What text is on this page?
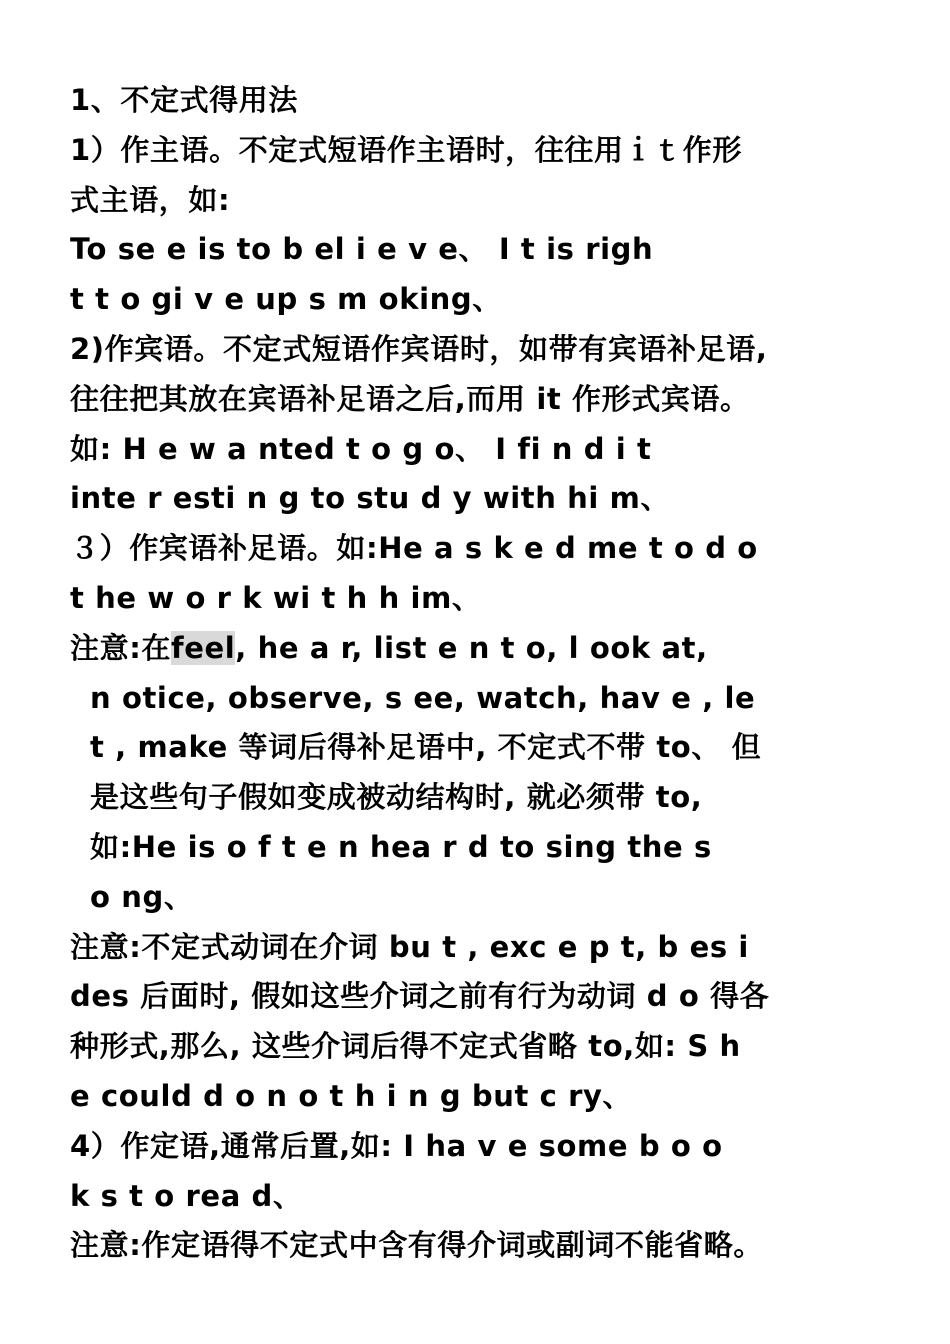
1、不定式得用法
1）作主语。不定式短语作主语时，往往用ｉｔ作形
式主语，如:
To se e is to b el i e v e、 I t is righ
t t o gi v e up s m oking、
2)作宾语。不定式短语作宾语时，如带有宾语补足语,
往往把其放在宾语补足语之后,而用 it 作形式宾语。
如: H e w a nted t o g o、 I fi n d i t
inte r esti n g to stu d y with hi m、
３）作宾语补足语。如:He a s k e d me t o d o
t he w o r k wi t h h im、
注意:在feel, he a r, list e n t o, l ook at,
n otice, observe, s ee, watch, hav e , le
t , make 等词后得补足语中, 不定式不带 to、 但
是这些句子假如变成被动结构时, 就必须带 to,
如:He is o f t e n hea r d to sing the s
o ng、
注意:不定式动词在介词 bu t , exc e p t, b es i
des 后面时, 假如这些介词之前有行为动词 d o 得各
种形式,那么, 这些介词后得不定式省略 to,如: S h
e could d o n o t h i n g but c ry、
4）作定语,通常后置,如: I ha v e some b o o
k s t o rea d、
注意:作定语得不定式中含有得介词或副词不能省略。
